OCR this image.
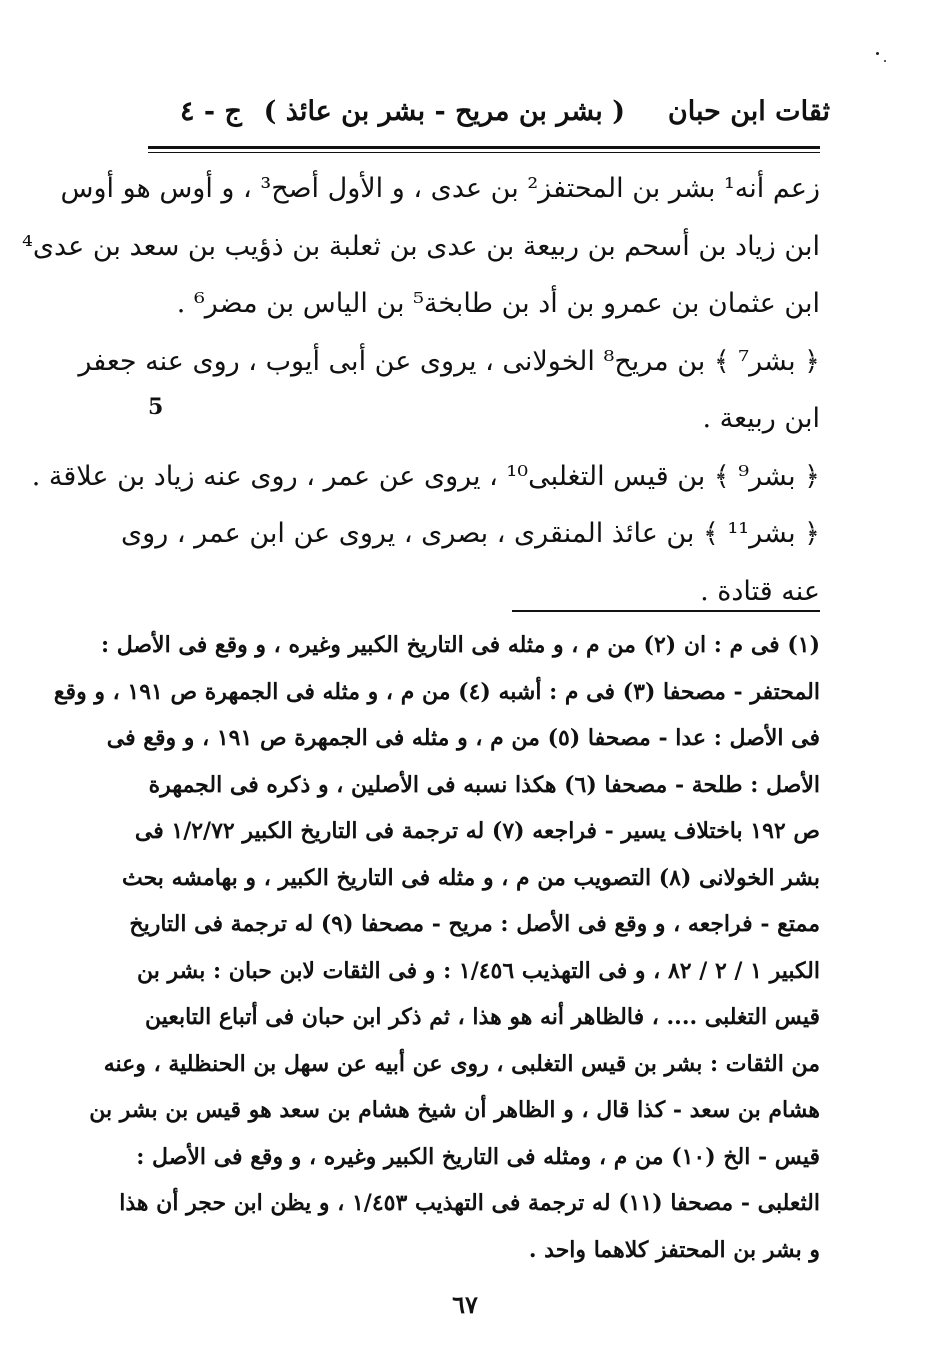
ثقات ابن حبان
( بشر بن مريح - بشر بن عائذ )
ج - ٤
زعم أنه¹ بشر بن المحتفز² بن عدى ، و الأول أصح³ ، و أوس هو أوس
ابن زياد بن أسحم بن ربيعة بن عدى بن ثعلبة بن ذؤيب بن سعد بن عدى⁴
ابن عثمان بن عمرو بن أد بن طابخة⁵ بن الياس بن مضر⁶ .
﴿ بشر⁷ ﴾ بن مريح⁸ الخولانى ، يروى عن أبى أيوب ، روى عنه جعفر
ابن ربيعة .
﴿ بشر⁹ ﴾ بن قيس التغلبى¹⁰ ، يروى عن عمر ، روى عنه زياد بن علاقة .
﴿ بشر¹¹ ﴾ بن عائذ المنقرى ، بصرى ، يروى عن ابن عمر ، روى
عنه قتادة .
5
(١) فى م : ان (٢) من م ، و مثله فى التاريخ الكبير وغيره ، و وقع فى الأصل :
المحتفر - مصحفا (٣) فى م : أشبه (٤) من م ، و مثله فى الجمهرة ص ١٩١ ، و وقع
فى الأصل : عدا - مصحفا (٥) من م ، و مثله فى الجمهرة ص ١٩١ ، و وقع فى
الأصل : طلحة - مصحفا (٦) هكذا نسبه فى الأصلين ، و ذكره فى الجمهرة
ص ١٩٢ باختلاف يسير - فراجعه (٧) له ترجمة فى التاريخ الكبير ١/٢/٧٢ فى
بشر الخولانى (٨) التصويب من م ، و مثله فى التاريخ الكبير ، و بهامشه بحث
ممتع - فراجعه ، و وقع فى الأصل : مريح - مصحفا (٩) له ترجمة فى التاريخ
الكبير ١ / ٢ / ٨٢ ، و فى التهذيب ١/٤٥٦ : و فى الثقات لابن حبان : بشر بن
قيس التغلبى .... ، فالظاهر أنه هو هذا ، ثم ذكر ابن حبان فى أتباع التابعين
من الثقات : بشر بن قيس التغلبى ، روى عن أبيه عن سهل بن الحنظلية ، وعنه
هشام بن سعد - كذا قال ، و الظاهر أن شيخ هشام بن سعد هو قيس بن بشر بن
قيس - الخ (١٠) من م ، ومثله فى التاريخ الكبير وغيره ، و وقع فى الأصل :
الثعلبى - مصحفا (١١) له ترجمة فى التهذيب ١/٤٥٣ ، و يظن ابن حجر أن هذا
و بشر بن المحتفز كلاهما واحد .
٦٧
